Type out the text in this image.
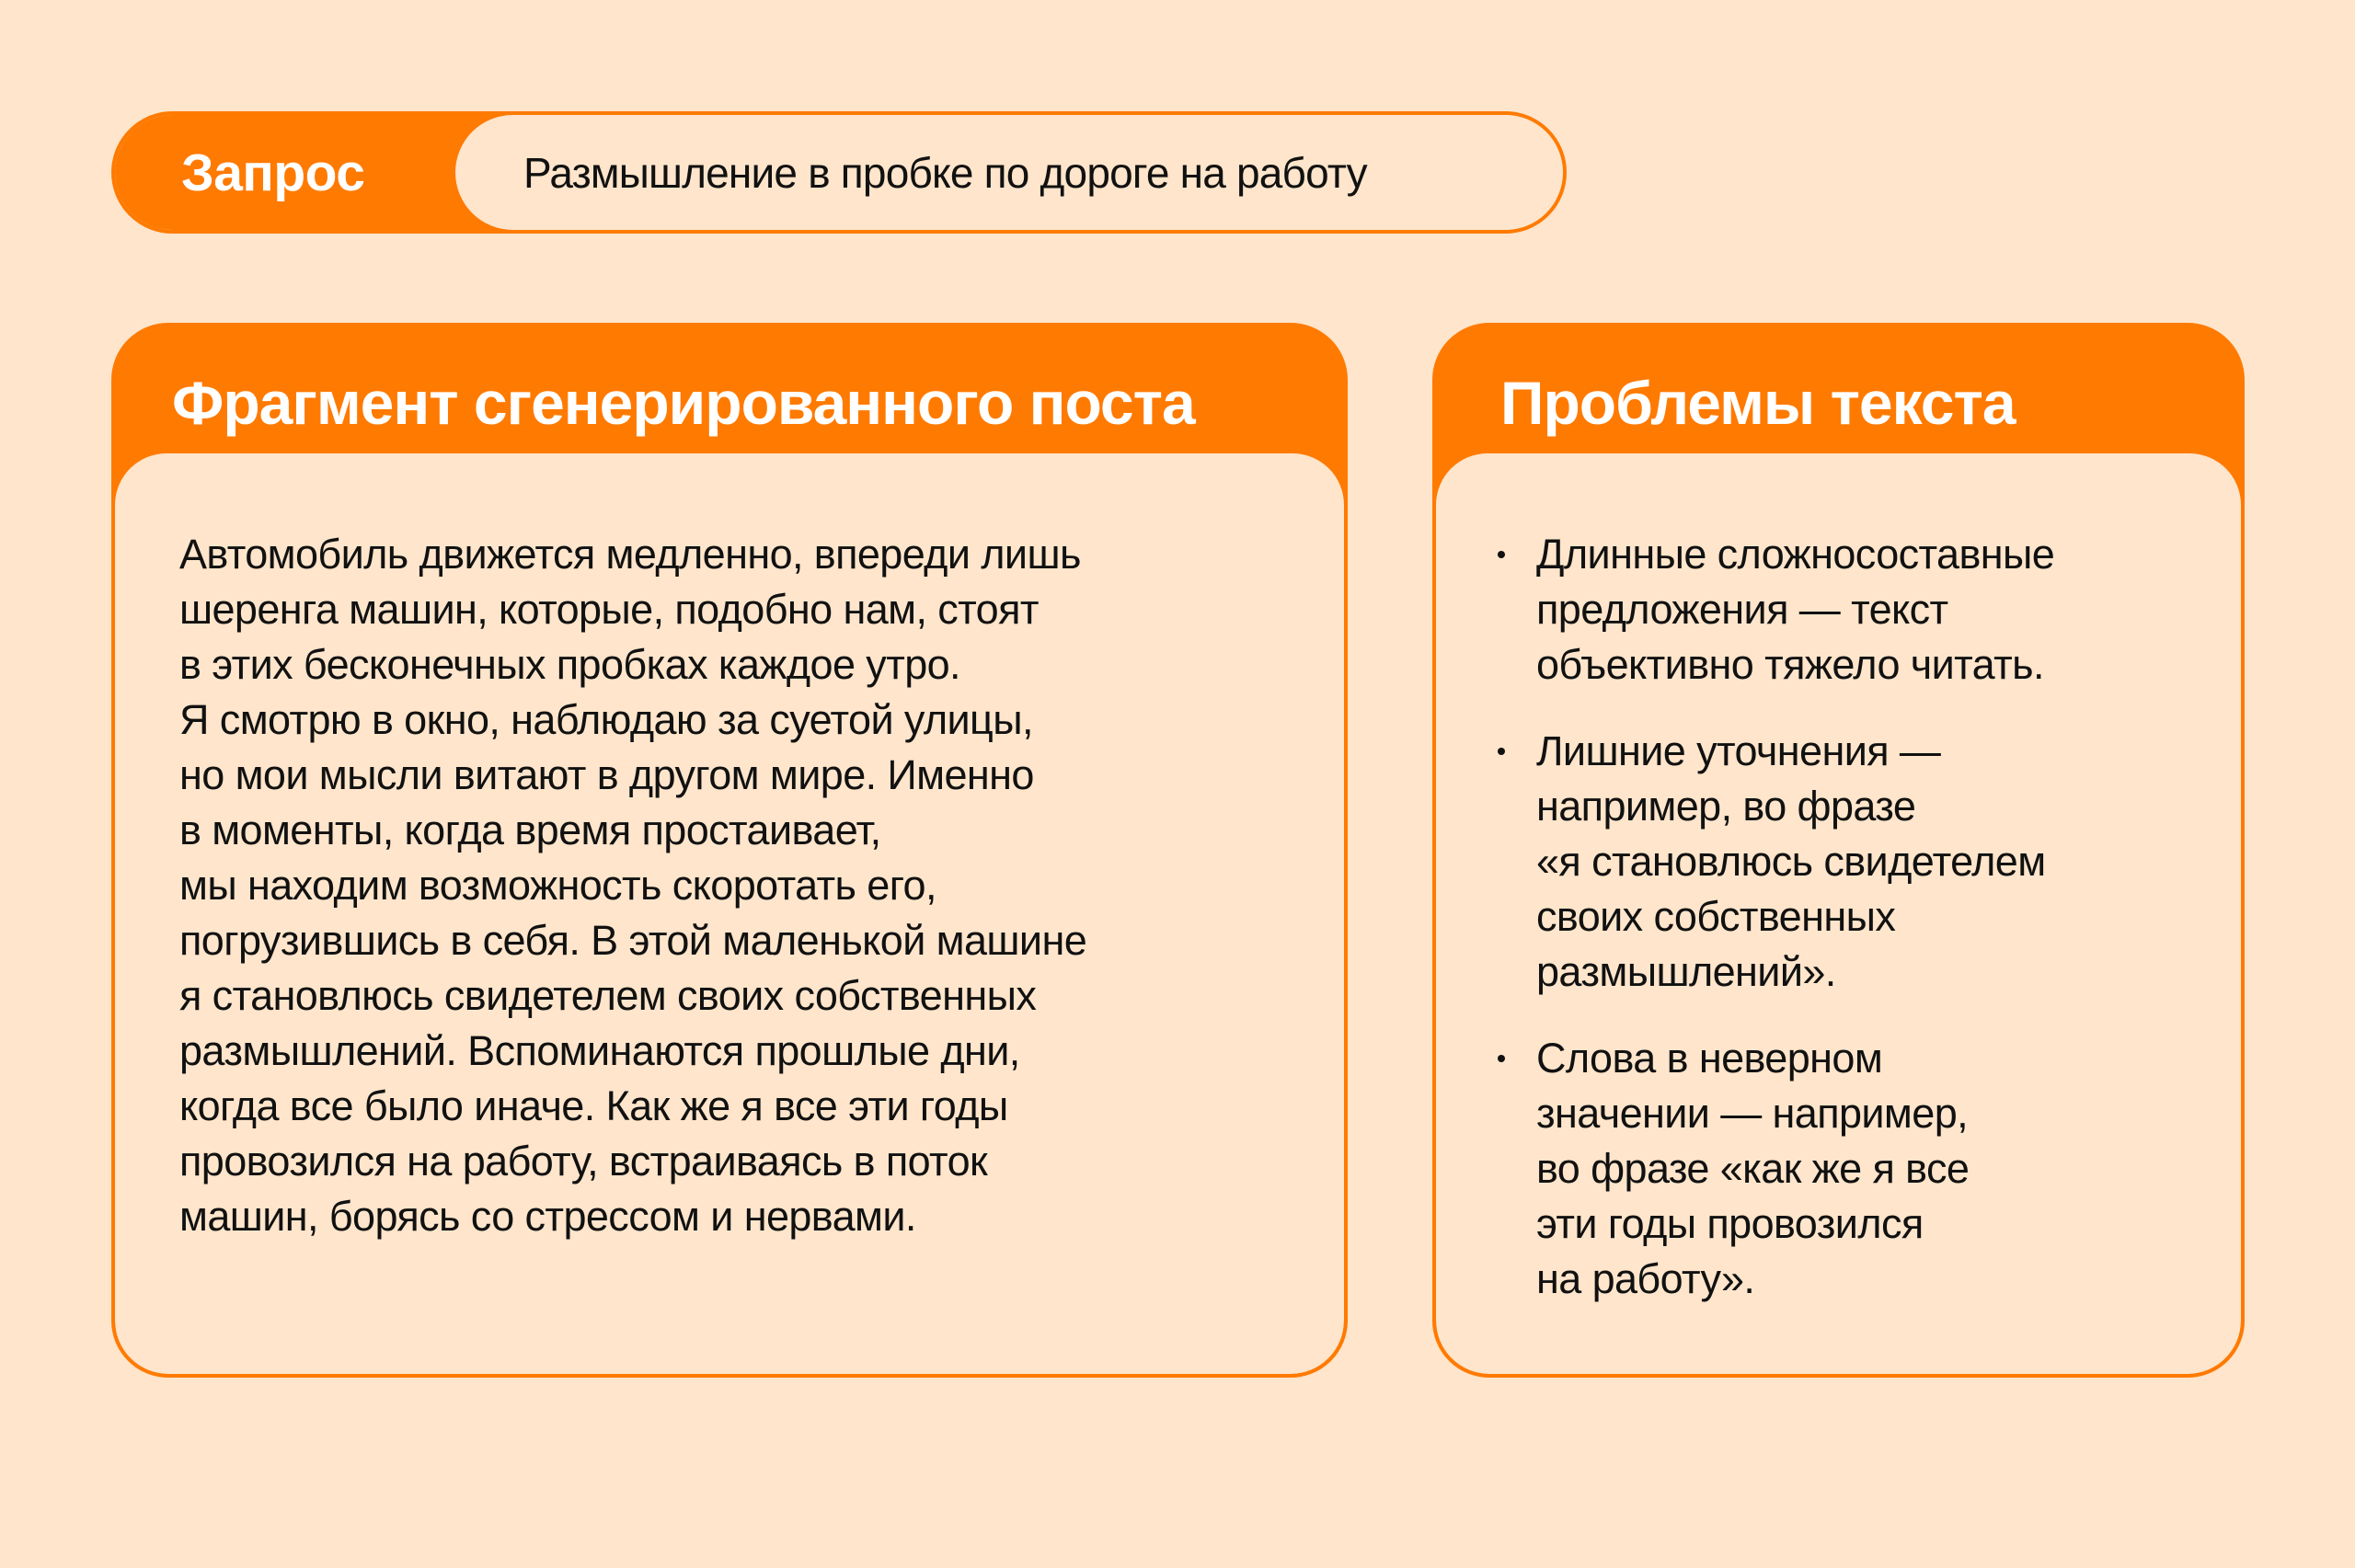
Запрос	Размышление в пробке по дороге на работу
Фрагмент сгенерированного поста
Автомобиль движется медленно, впереди лишь
шеренга машин, которые, подобно нам, стоят
в этих бесконечных пробках каждое утро.
Я смотрю в окно, наблюдаю за суетой улицы,
но мои мысли витают в другом мире. Именно
в моменты, когда время простаивает,
мы находим возможность скоротать его,
погрузившись в себя. В этой маленькой машине
я становлюсь свидетелем своих собственных
размышлений. Вспоминаются прошлые дни,
когда все было иначе. Как же я все эти годы
провозился на работу, встраиваясь в поток
машин, борясь со стрессом и нервами.
Проблемы текста
Длинные сложносоставные
предложения — текст
объективно тяжело читать.
Лишние уточнения —
например, во фразе
«я становлюсь свидетелем
своих собственных
размышлений».
Слова в неверном
значении — например,
во фразе «как же я все
эти годы провозился
на работу».
